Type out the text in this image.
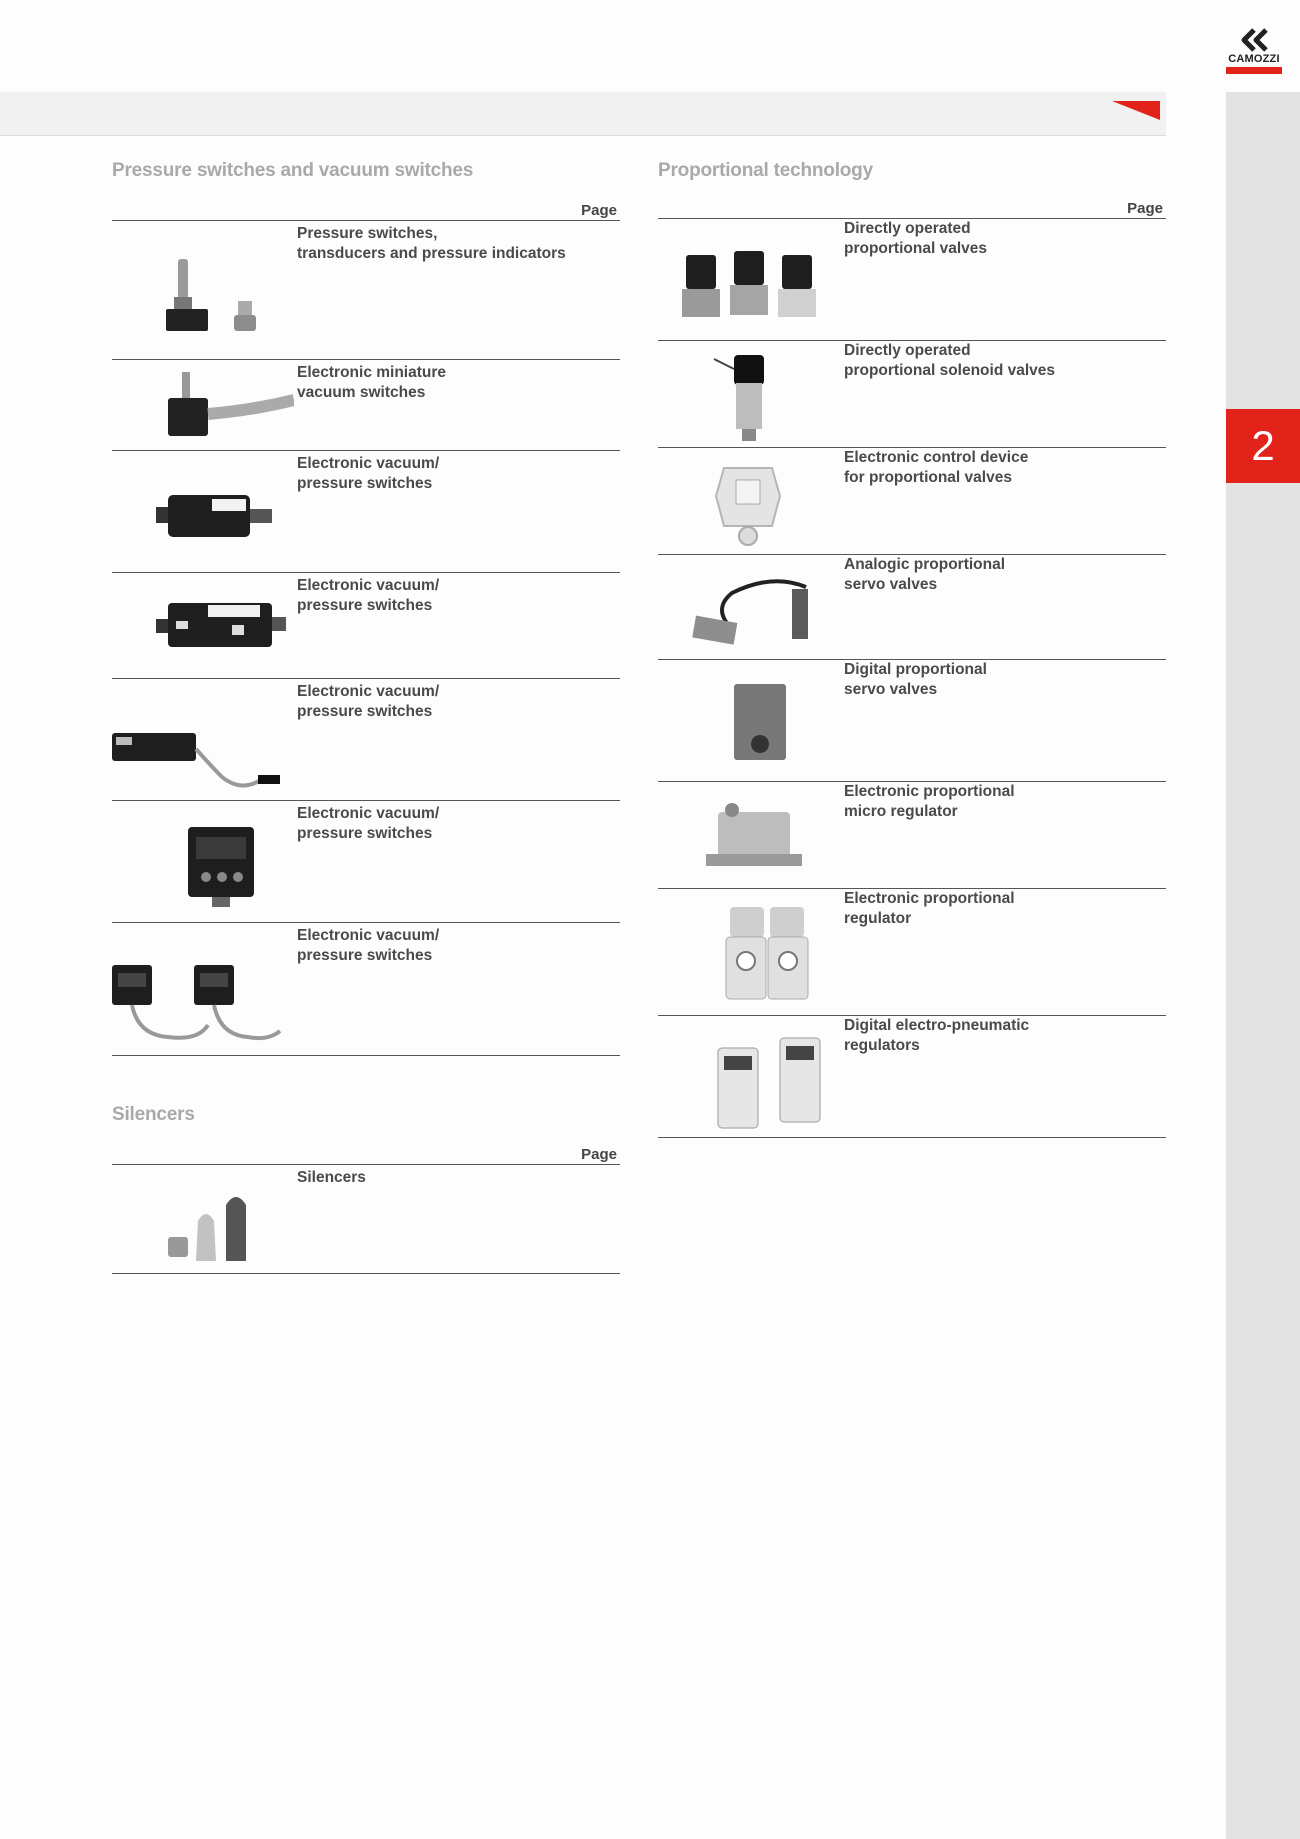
2
CAMOZZI
Pressure switches and vacuum switches
Page
Pressure switches,
transducers and pressure indicators
Electronic miniature
vacuum switches
Electronic vacuum/
pressure switches
Electronic vacuum/
pressure switches
Electronic vacuum/
pressure switches
Electronic vacuum/
pressure switches
Electronic vacuum/
pressure switches
Silencers
Page
Silencers
Proportional technology
Page
Directly operated
proportional valves
Directly operated
proportional solenoid valves
Electronic control device
for proportional valves
Analogic proportional
servo valves
Digital proportional
servo valves
Electronic proportional
micro regulator
Electronic proportional
regulator
Digital electro-pneumatic
regulators
